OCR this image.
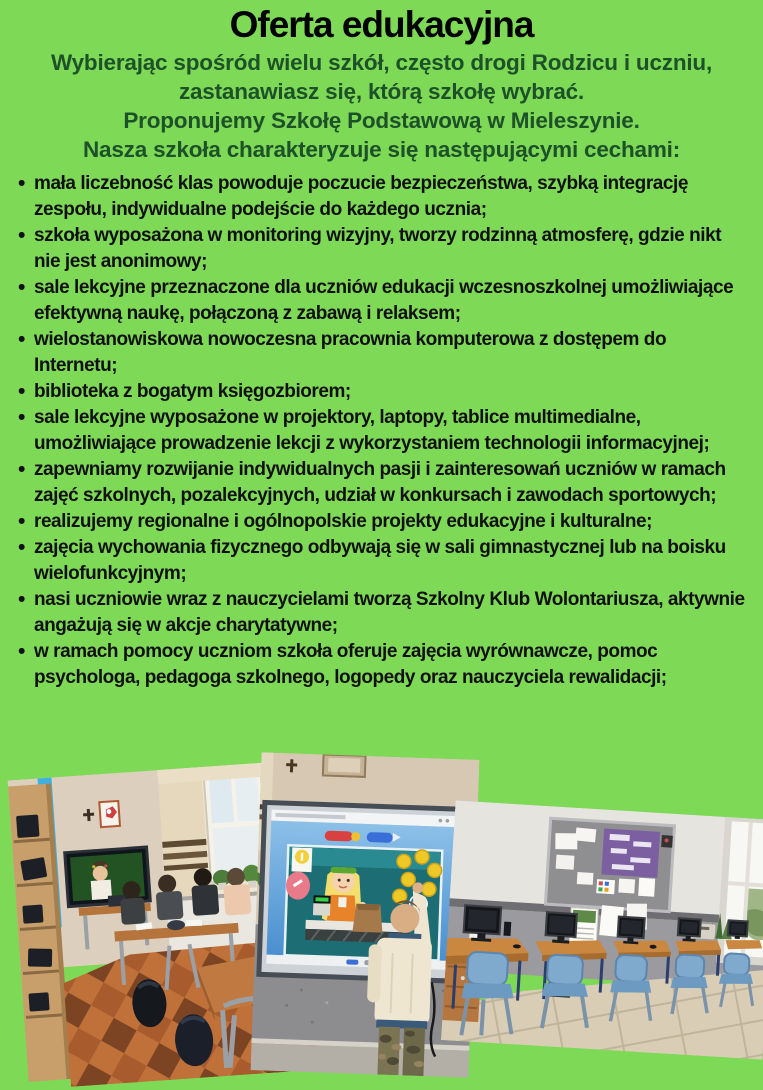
Oferta edukacyjna
Wybierając spośród wielu szkół, często drogi Rodzicu i uczniu,
zastanawiasz się, którą szkołę wybrać.
Proponujemy Szkołę Podstawową w Mieleszynie.
Nasza szkoła charakteryzuje się następującymi cechami:
• mała liczebność klas powoduje poczucie bezpieczeństwa, szybką integrację zespołu, indywidualne podejście do każdego ucznia;
• szkoła wyposażona w monitoring wizyjny, tworzy rodzinną atmosferę, gdzie nikt nie jest anonimowy;
• sale lekcyjne przeznaczone dla uczniów edukacji wczesnoszkolnej umożliwiające efektywną naukę, połączoną z zabawą i relaksem;
• wielostanowiskowa nowoczesna pracownia komputerowa z dostępem do Internetu;
• biblioteka z bogatym księgozbiorem;
• sale lekcyjne wyposażone w projektory, laptopy, tablice multimedialne, umożliwiające prowadzenie lekcji z wykorzystaniem technologii informacyjnej;
• zapewniamy rozwijanie indywidualnych pasji i zainteresowań uczniów w ramach zajęć szkolnych, pozalekcyjnych, udział w konkursach i zawodach sportowych;
• realizujemy regionalne i ogólnopolskie projekty edukacyjne i kulturalne;
• zajęcia wychowania fizycznego odbywają się w sali gimnastycznej lub na boisku wielofunkcyjnym;
• nasi uczniowie wraz z nauczycielami tworzą Szkolny Klub Wolontariusza, aktywnie angażują się w akcje charytatywne;
• w ramach pomocy uczniom szkoła oferuje zajęcia wyrównawcze, pomoc psychologa, pedagoga szkolnego, logopedy oraz nauczyciela rewalidacji;
